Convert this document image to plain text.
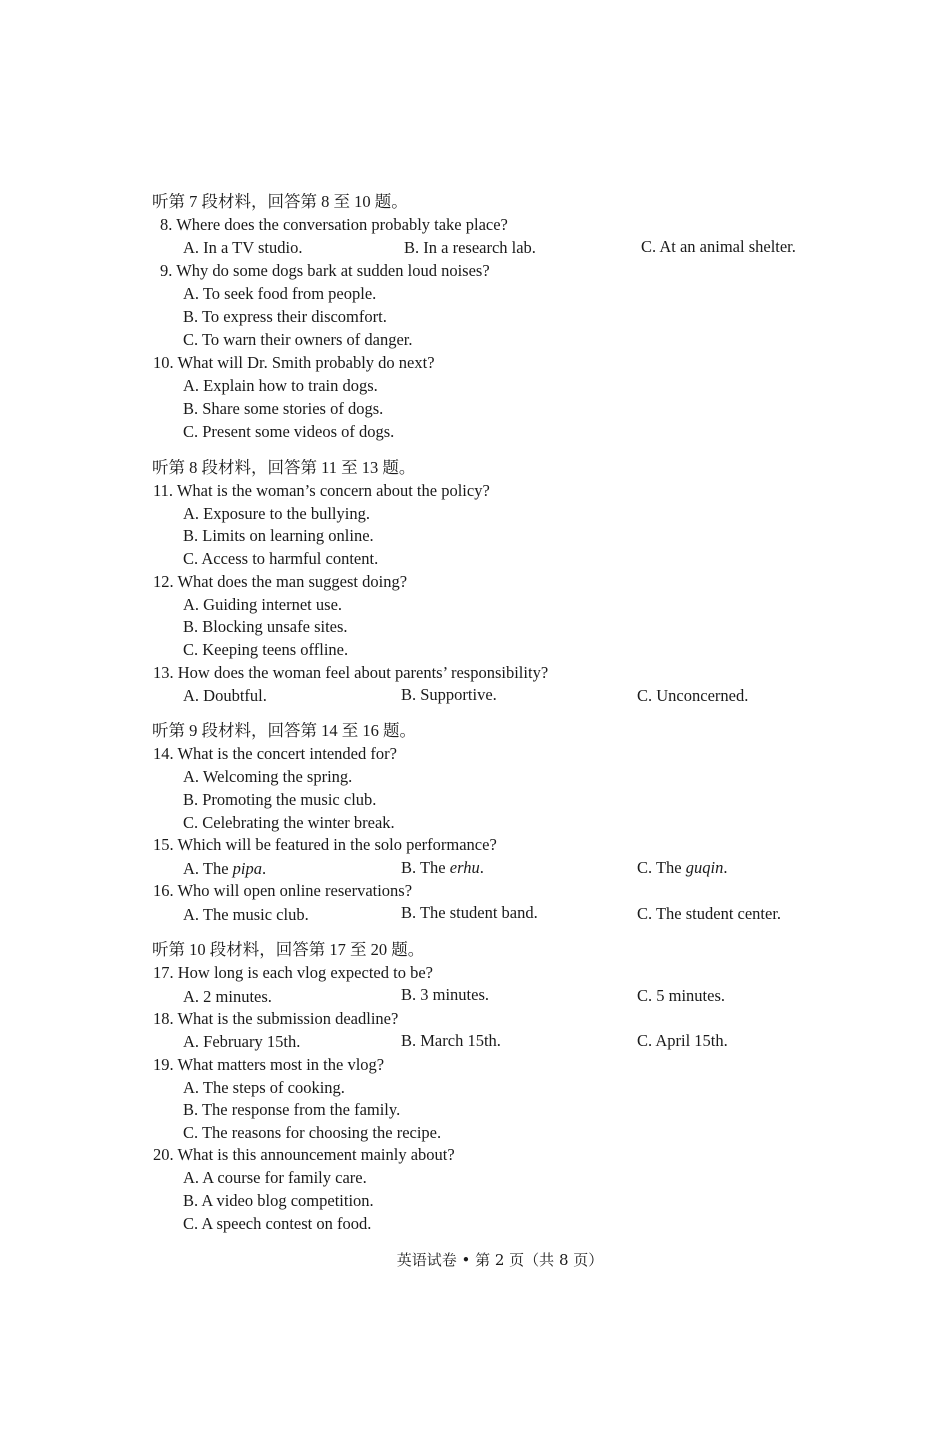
听第 7 段材料，回答第 8 至 10 题。
8. Where does the conversation probably take place?
A. In a TV studio.	B. In a research lab.	C. At an animal shelter.
9. Why do some dogs bark at sudden loud noises?
A. To seek food from people.
B. To express their discomfort.
C. To warn their owners of danger.
10. What will Dr. Smith probably do next?
A. Explain how to train dogs.
B. Share some stories of dogs.
C. Present some videos of dogs.
听第 8 段材料，回答第 11 至 13 题。
11. What is the woman’s concern about the policy?
A. Exposure to the bullying.
B. Limits on learning online.
C. Access to harmful content.
12. What does the man suggest doing?
A. Guiding internet use.
B. Blocking unsafe sites.
C. Keeping teens offline.
13. How does the woman feel about parents’ responsibility?
A. Doubtful.	B. Supportive.	C. Unconcerned.
听第 9 段材料，回答第 14 至 16 题。
14. What is the concert intended for?
A. Welcoming the spring.
B. Promoting the music club.
C. Celebrating the winter break.
15. Which will be featured in the solo performance?
A. The pipa.	B. The erhu.	C. The guqin.
16. Who will open online reservations?
A. The music club.	B. The student band.	C. The student center.
听第 10 段材料，回答第 17 至 20 题。
17. How long is each vlog expected to be?
A. 2 minutes.	B. 3 minutes.	C. 5 minutes.
18. What is the submission deadline?
A. February 15th.	B. March 15th.	C. April 15th.
19. What matters most in the vlog?
A. The steps of cooking.
B. The response from the family.
C. The reasons for choosing the recipe.
20. What is this announcement mainly about?
A. A course for family care.
B. A video blog competition.
C. A speech contest on food.
英语试卷 • 第 2 页（共 8 页）
